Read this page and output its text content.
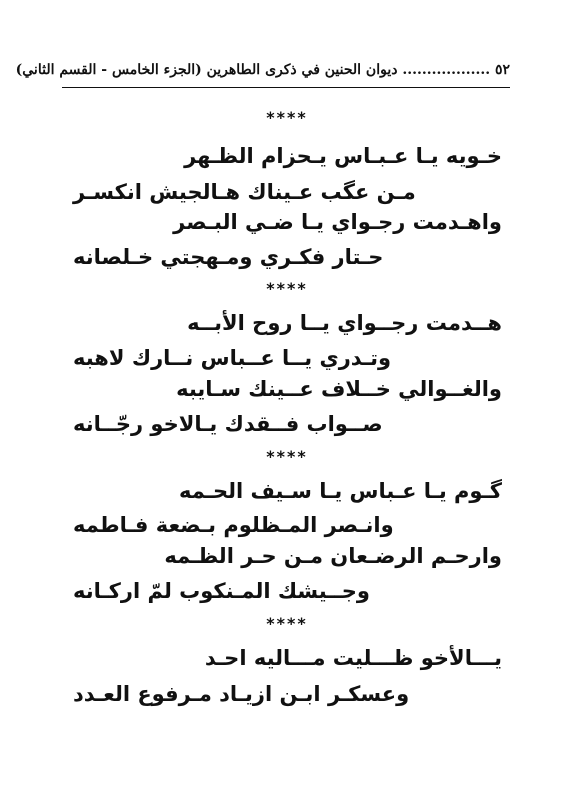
٥٢ .................. ديوان الحنين في ذكرى الطاهرين (الجزء الخامس - القسم الثاني)
****
خـويه يـا عـبـاس يـحزام الظـهر
مـن عگب عـيناك هـالجيش انكسـر
واهـدمت رجـواي يـا ضـي البـصر
حـتار فكـري ومـهجتي خـلصانه
****
هــدمت رجــواي يــا روح الأبــه
وتـدري يــا عــباس نــارك لاهبه
والغــوالي خــلاف عــينك سـايبه
صــواب فــقدك يـالاخو رجّــانه
****
گـوم يـا عـباس يـا سـيف الحـمه
وانـصر المـظلوم بـضعة فـاطمه
وارحـم الرضـعان مـن حـر الظـمه
وجــيشك المـنكوب لمّ اركـانه
****
يـــالأخو ظـــليت مـــاليه احـد
وعسكـر ابـن ازيـاد مـرفوع العـدد
